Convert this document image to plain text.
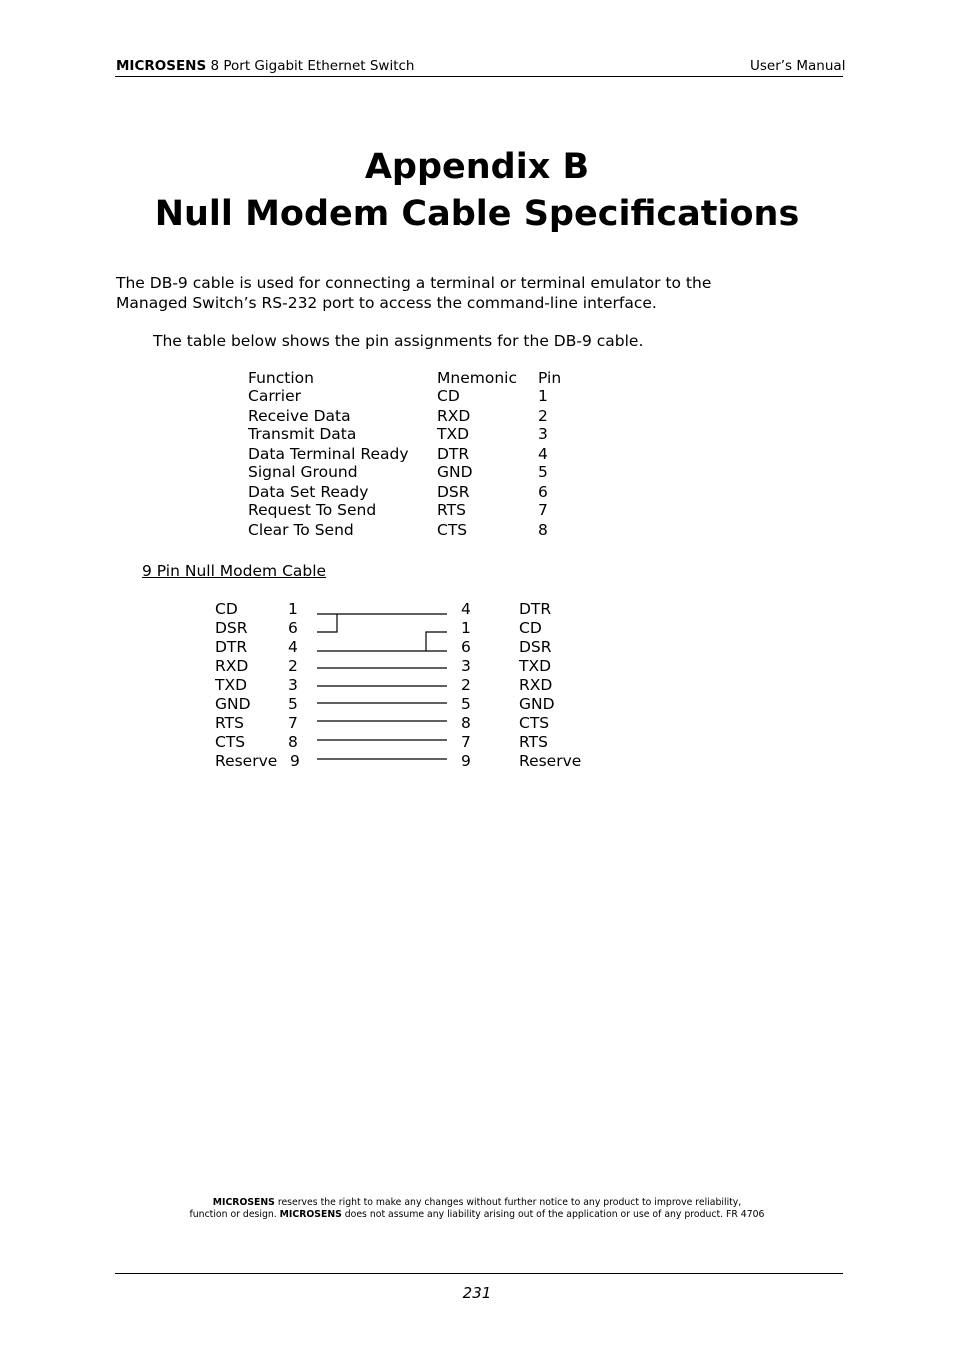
MICROSENS 8 Port Gigabit Ethernet Switch	User’s Manual
Appendix B
Null Modem Cable Specifications
The DB-9 cable is used for connecting a terminal or terminal emulator to the Managed Switch’s RS-232 port to access the command-line interface.
The table below shows the pin assignments for the DB-9 cable.
Function	Mnemonic Pin
Carrier	CD	1
Receive Data	RXD	2
Transmit Data	TXD	3
Data Terminal Ready DTR	4
Signal Ground	GND	5
Data Set Ready	DSR	6
Request To Send	RTS	7
Clear To Send	CTS	8
9 Pin Null Modem Cable
CD	1	4	DTR
DSR	6	1	CD
DTR	4	6	DSR
RXD	2	3	TXD
TXD	3	2	RXD
GND 5	5	GND
RTS	7	8	CTS
CTS	8	7	RTS
Reserve 9	9	Reserve
MICROSENS reserves the right to make any changes without further notice to any product to improve reliability,
function or design. MICROSENS does not assume any liability arising out of the application or use of any product. FR 4706
231
